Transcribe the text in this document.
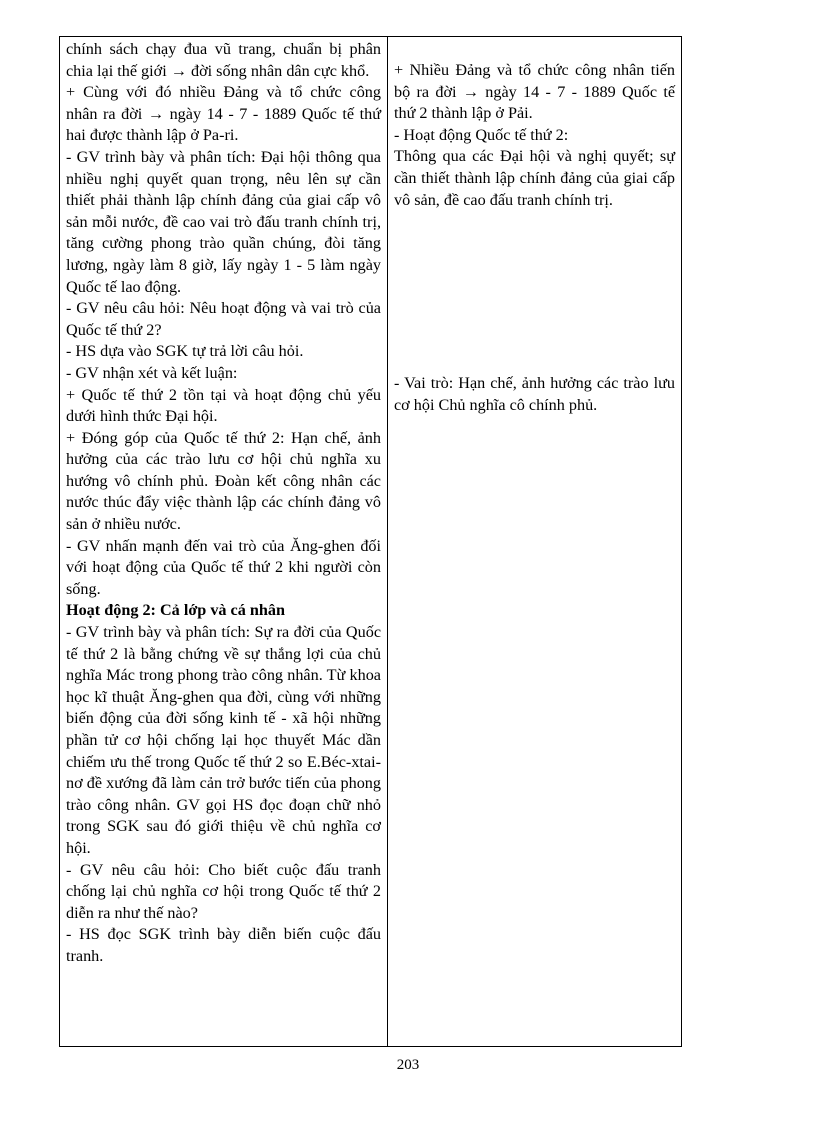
chính sách chạy đua vũ trang, chuẩn bị phân chia lại thế giới → đời sống nhân dân cực khổ.

+ Cùng với đó nhiều Đảng và tổ chức công nhân ra đời → ngày 14 - 7 - 1889 Quốc tế thứ hai được thành lập ở Pa-ri.

- GV trình bày và phân tích: Đại hội thông qua nhiều nghị quyết quan trọng, nêu lên sự cần thiết phải thành lập chính đảng của giai cấp vô sản mỗi nước, đề cao vai trò đấu tranh chính trị, tăng cường phong trào quần chúng, đòi tăng lương, ngày làm 8 giờ, lấy ngày 1 - 5 làm ngày Quốc tế lao động.

- GV nêu câu hỏi: Nêu hoạt động và vai trò của Quốc tế thứ 2?

- HS dựa vào SGK tự trả lời câu hỏi.

- GV nhận xét và kết luận:

+ Quốc tế thứ 2 tồn tại và hoạt động chủ yếu dưới hình thức Đại hội.

+ Đóng góp của Quốc tế thứ 2: Hạn chế, ảnh hưởng của các trào lưu cơ hội chủ nghĩa xu hướng vô chính phủ. Đoàn kết công nhân các nước thúc đẩy việc thành lập các chính đảng vô sản ở nhiều nước.

- GV nhấn mạnh đến vai trò của Ăng-ghen đối với hoạt động của Quốc tế thứ 2 khi người còn sống.

Hoạt động 2: Cả lớp và cá nhân

- GV trình bày và phân tích: Sự ra đời của Quốc tế thứ 2 là bằng chứng về sự thắng lợi của chủ nghĩa Mác trong phong trào công nhân. Từ khoa học kĩ thuật Ăng-ghen qua đời, cùng với những biến động của đời sống kinh tế - xã hội những phần tử cơ hội chống lại học thuyết Mác dần chiếm ưu thế trong Quốc tế thứ 2 so E.Béc-xtai-nơ đề xướng đã làm cản trở bước tiến của phong trào công nhân. GV gọi HS đọc đoạn chữ nhỏ trong SGK sau đó giới thiệu về chủ nghĩa cơ hội.

- GV nêu câu hỏi: Cho biết cuộc đấu tranh chống lại chủ nghĩa cơ hội trong Quốc tế thứ 2 diễn ra như thế nào?

- HS đọc SGK trình bày diễn biến cuộc đấu tranh.

+ Nhiều Đảng và tổ chức công nhân tiến bộ ra đời → ngày 14 - 7 - 1889 Quốc tế thứ 2 thành lập ở Pải.

- Hoạt động Quốc tế thứ 2:

Thông qua các Đại hội và nghị quyết; sự cần thiết thành lập chính đảng của giai cấp vô sản, đề cao đấu tranh chính trị.

- Vai trò: Hạn chế, ảnh hưởng các trào lưu cơ hội Chủ nghĩa cô chính phủ.

203
